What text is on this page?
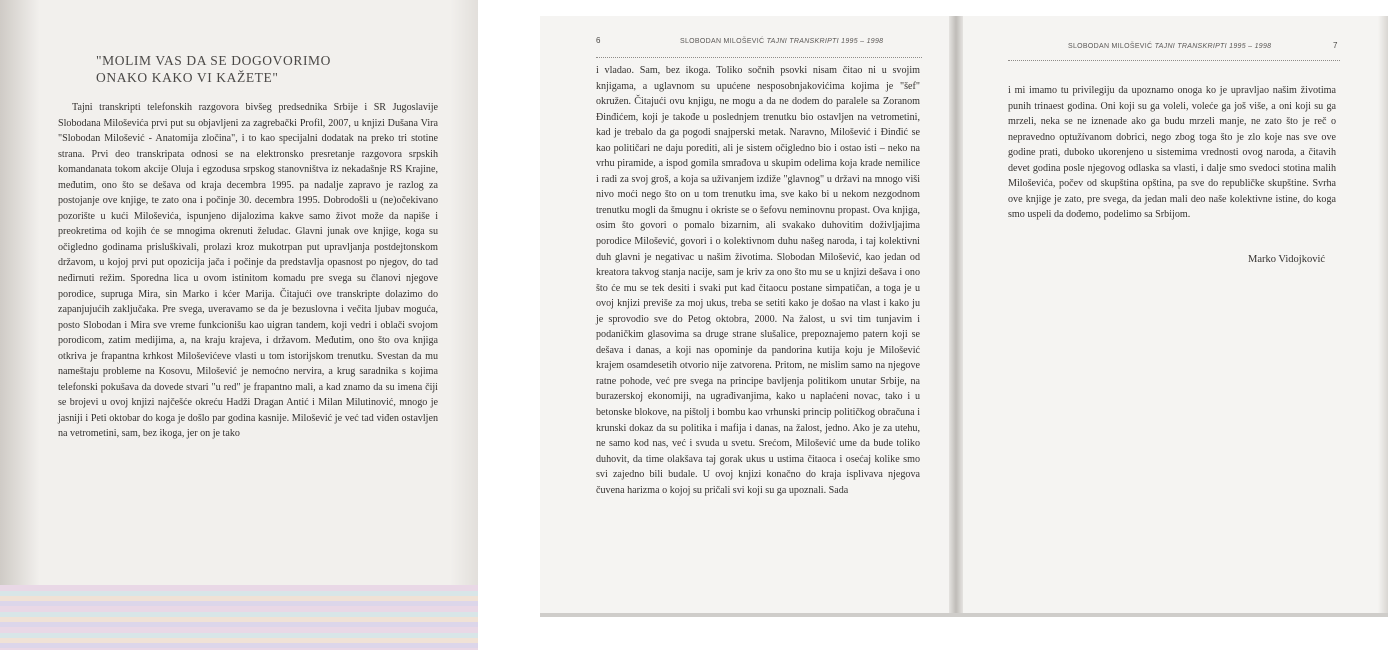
"MOLIM VAS DA SE DOGOVORIMO
ONAKO KAKO VI KAŽETE"

Tajni transkripti telefonskih razgovora bivšeg predsednika Srbije i SR Jugoslavije Slobodana Miloševića prvi put su objavljeni za zagrebački Profil, 2007, u knjizi Dušana Vira "Slobodan Milošević - Anatomija zločina", i to kao specijalni dodatak na preko tri stotine strana. Prvi deo transkripata odnosi se na elektronsko presretanje razgovora srpskih komandanata tokom akcije Oluja i egzodusa srpskog stanovništva iz nekadašnje RS Krajine, međutim, ono što se dešava od kraja decembra 1995. pa nadalje zapravo je razlog za postojanje ove knjige, te zato ona i počinje 30. decembra 1995. Dobrodošli u (ne)očekivano pozorište u kući Miloševića, ispunjeno dijalozima kakve samo život može da napiše i preokretima od kojih će se mnogima okrenuti želudac. Glavni junak ove knjige, koga su očigledno godinama prisluškivali, prolazi kroz mukotrpan put upravljanja postdejtonskom državom, u kojoj prvi put opozicija jača i počinje da predstavlja opasnost po njegov, do tad neđirnuti režim. Sporedna lica u ovom istinitom komadu pre svega su članovi njegove porodice, supruga Mira, sin Marko i kćer Marija. Čitajući ove transkripte dolazimo do zapanjujućih zaključaka. Pre svega, uveravamo se da je bezuslovna i večita ljubav moguća, posto Slobodan i Mira sve vreme funkcionišu kao uigran tandem, koji vedri i oblači svojom porodicom, zatim medijima, a, na kraju krajeva, i državom. Međutim, ono što ova knjiga otkriva je frapantna krhkost Miloševićeve vlasti u tom istorijskom trenutku. Svestan da mu nameštaju probleme na Kosovu, Milošević je nemoćno nervira, a krug saradnika s kojima telefonski pokušava da dovede stvari "u red" je frapantno mali, a kad znamo da su imena čiji se brojevi u ovoj knjizi najčešće okreću Hadži Dragan Antić i Milan Milutinović, mnogo je jasniji i Peti oktobar do koga je došlo par godina kasnije. Milošević je već tad viđen ostavljen na vetrometini, sam, bez ikoga, jer on je tako

6	SLOBODAN MILOŠEVIĆ TAJNI TRANSKRIPTI 1995 – 1998

i vladao. Sam, bez ikoga. Toliko sočnih psovki nisam čitao ni u svojim knjigama, a uglavnom su upućene nesposobnjakovićima kojima je "šef" okružen. Čitajući ovu knjigu, ne mogu a da ne dodem do paralele sa Zoranom Đinđićem, koji je takođe u poslednjem trenutku bio ostavljen na vetrometini, kad je trebalo da ga pogodi snajperski metak. Naravno, Milošević i Đinđić se kao političari ne daju porediti, ali je sistem očigledno bio i ostao isti – neko na vrhu piramide, a ispod gomila smrađova u skupim odelima koja krade nemilice i radi za svoj groš, a koja sa uživanjem izdiže "glavnog" u državi na mnogo viši nivo moći nego što on u tom trenutku ima, sve kako bi u nekom nezgodnom trenutku mogli da šmugnu i okriste se o šefovu neminovnu propast. Ova knjiga, osim što govori o pomalo bizarnim, ali svakako duhovitim doživljajima porodice Milošević, govori i o kolektivnom duhu našeg naroda, i taj kolektivni duh glavni je negativac u našim životima. Slobodan Milošević, kao jedan od kreatora takvog stanja nacije, sam je kriv za ono što mu se u knjizi dešava i ono što će mu se tek desiti i svaki put kad čitaocu postane simpatičan, a toga je u ovoj knjizi previše za moj ukus, treba se setiti kako je došao na vlast i kako ju je sprovodio sve do Petog oktobra, 2000. Na žalost, u svi tim tunjavim i podaničkim glasovima sa druge strane slušalice, prepoznajemo patern koji se dešava i danas, a koji nas opominje da pandorina kutija koju je Milošević krajem osamdesetih otvorio nije zatvorena. Pritom, ne mislim samo na njegove ratne pohode, već pre svega na principe bavljenja politikom unutar Srbije, na burazerskoj ekonomiji, na ugrađivanjima, kako u naplaćeni novac, tako i u betonske blokove, na pištolj i bombu kao vrhunski princip političkog obračuna i krunski dokaz da su politika i mafija i danas, na žalost, jedno. Ako je za utehu, ne samo kod nas, već i svuda u svetu. Srećom, Milošević ume da bude toliko duhovit, da time olakšava taj gorak ukus u ustima čitaoca i osećaj kolike smo svi zajedno bili budale. U ovoj knjizi konačno do kraja isplivava njegova čuvena harizma o kojoj su pričali svi koji su ga upoznali. Sada

SLOBODAN MILOŠEVIĆ TAJNI TRANSKRIPTI 1995 – 1998	7

i mi imamo tu privilegiju da upoznamo onoga ko je upravljao našim životima punih trinaest godina. Oni koji su ga voleli, voleće ga još više, a oni koji su ga mrzeli, neka se ne iznenade ako ga budu mrzeli manje, ne zato što je reč o nepravedno optužívanom dobrici, nego zbog toga što je zlo koje nas sve ove godine prati, duboko ukorenjeno u sistemima vrednosti ovog naroda, a čitavih devet godina posle njegovog odlaska sa vlasti, i dalje smo svedoci stotina malih Miloševića, počev od skupština opština, pa sve do republičke skupštine. Svrha ove knjige je zato, pre svega, da jedan mali deo naše kolektivne istine, do koga smo uspeli da dođemo, podelimo sa Srbijom.

Marko Vidojković
